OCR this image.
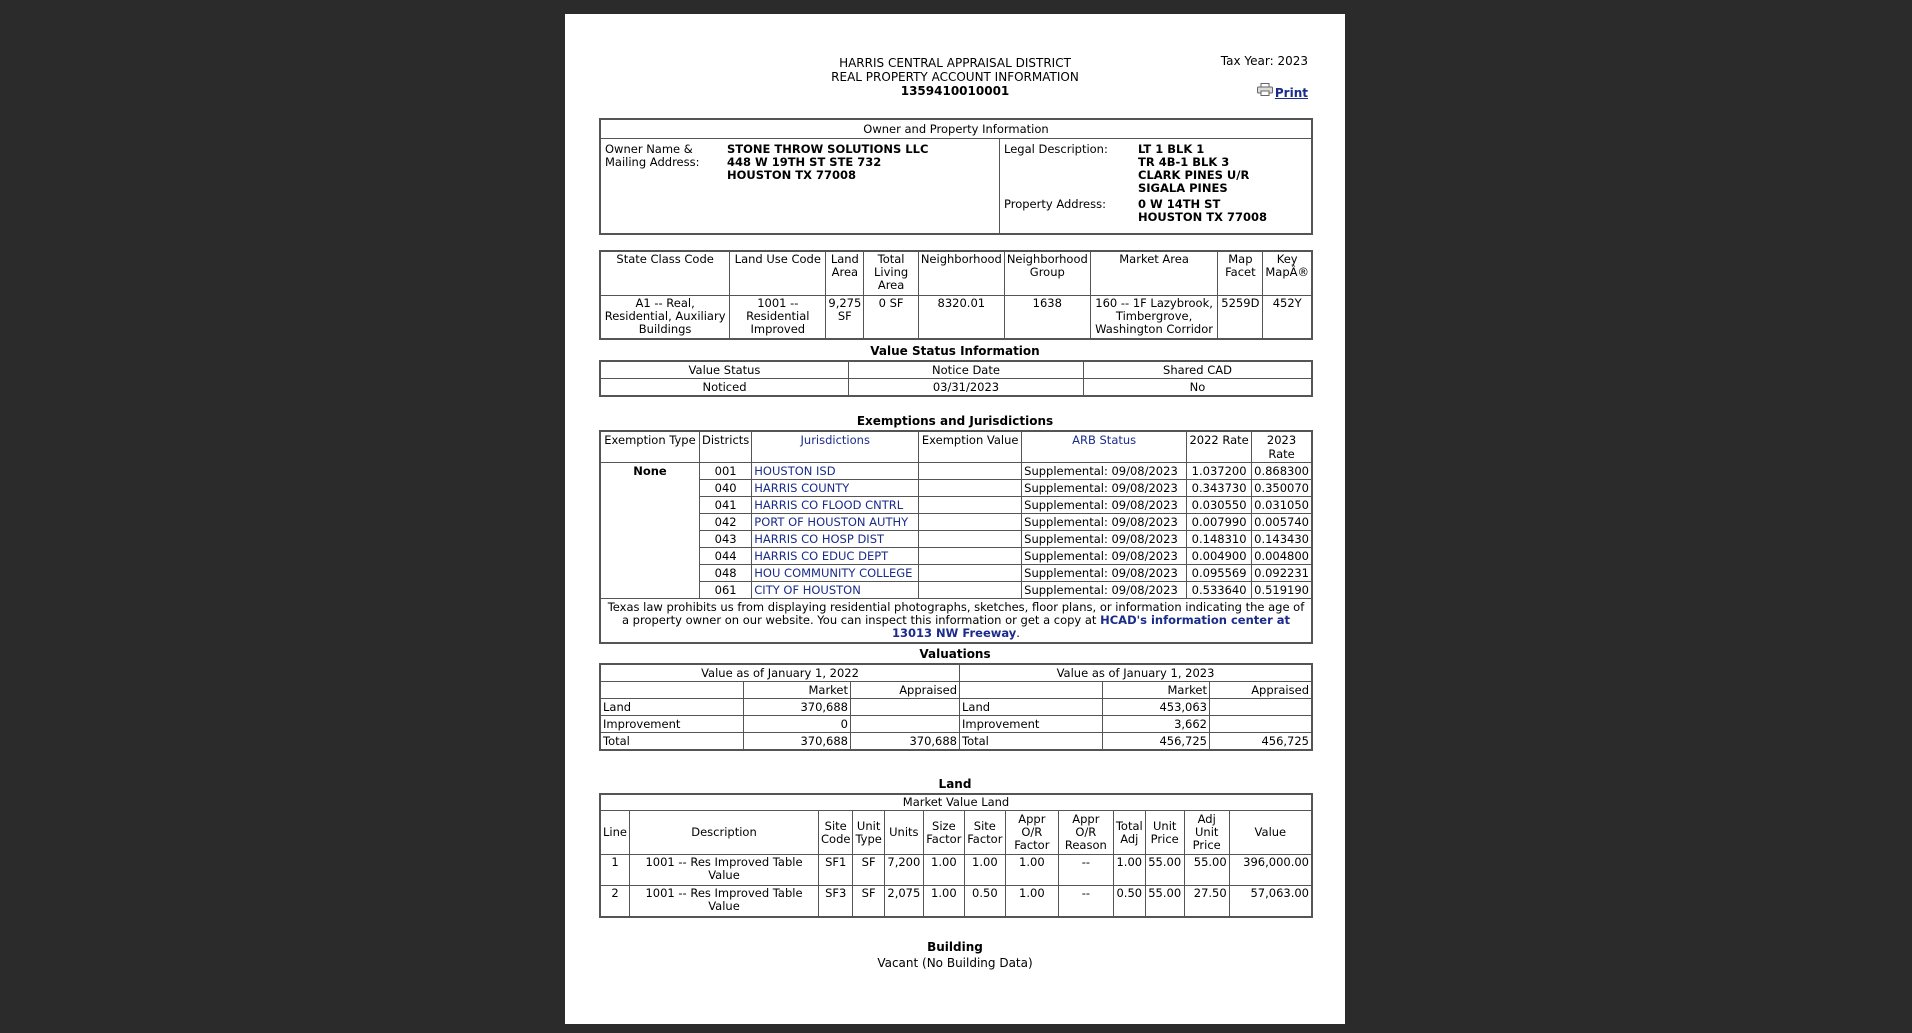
HARRIS CENTRAL APPRAISAL DISTRICT
REAL PROPERTY ACCOUNT INFORMATION
1359410010001
Tax Year: 2023
Print
Owner and Property Information

Owner Name &
Mailing Address:

STONE THROW SOLUTIONS LLC
448 W 19TH ST STE 732
HOUSTON TX 77008

Legal Description:	LT 1 BLK 1
TR 4B-1 BLK 3
CLARK PINES U/R
SIGALA PINES

Property Address:	0 W 14TH ST
HOUSTON TX 77008
State Class Code	Land Use Code	Land Area	Total Living Area	Neighborhood	Neighborhood Group	Market Area	Map Facet	Key MapÂ®
A1 -- Real, Residential, Auxiliary Buildings	1001 -- Residential Improved	9,275 SF	0 SF	8320.01	1638	160 -- 1F Lazybrook, Timbergrove, Washington Corridor	5259D	452Y
Value Status Information
Value Status	Notice Date	Shared CAD
Noticed	03/31/2023	No
Exemptions and Jurisdictions
Exemption Type	Districts	Jurisdictions	Exemption Value	ARB Status	2022 Rate	2023 Rate
None	001	HOUSTON ISD		Supplemental: 09/08/2023	1.037200	0.868300
	040	HARRIS COUNTY		Supplemental: 09/08/2023	0.343730	0.350070
	041	HARRIS CO FLOOD CNTRL		Supplemental: 09/08/2023	0.030550	0.031050
	042	PORT OF HOUSTON AUTHY		Supplemental: 09/08/2023	0.007990	0.005740
	043	HARRIS CO HOSP DIST		Supplemental: 09/08/2023	0.148310	0.143430
	044	HARRIS CO EDUC DEPT		Supplemental: 09/08/2023	0.004900	0.004800
	048	HOU COMMUNITY COLLEGE		Supplemental: 09/08/2023	0.095569	0.092231
	061	CITY OF HOUSTON		Supplemental: 09/08/2023	0.533640	0.519190
Texas law prohibits us from displaying residential photographs, sketches, floor plans, or information indicating the age of a property owner on our website. You can inspect this information or get a copy at HCAD's information center at 13013 NW Freeway.						
Valuations
Value as of January 1, 2022			Value as of January 1, 2023		
	Market	Appraised		Market	Appraised
Land	370,688		Land	453,063	
Improvement	0		Improvement	3,662	
Total	370,688	370,688	Total	456,725	456,725
Land
Market Value Land												
Line	Description	Site Code	Unit Type	Units	Size Factor	Site Factor	Appr O/R Factor	Appr O/R Reason	Total Adj	Unit Price	Adj Unit Price	Value
1	1001 -- Res Improved Table Value	SF1	SF	7,200	1.00	1.00	1.00	--	1.00	55.00	55.00	396,000.00
2	1001 -- Res Improved Table Value	SF3	SF	2,075	1.00	0.50	1.00	--	0.50	55.00	27.50	57,063.00
Building
Vacant (No Building Data)
